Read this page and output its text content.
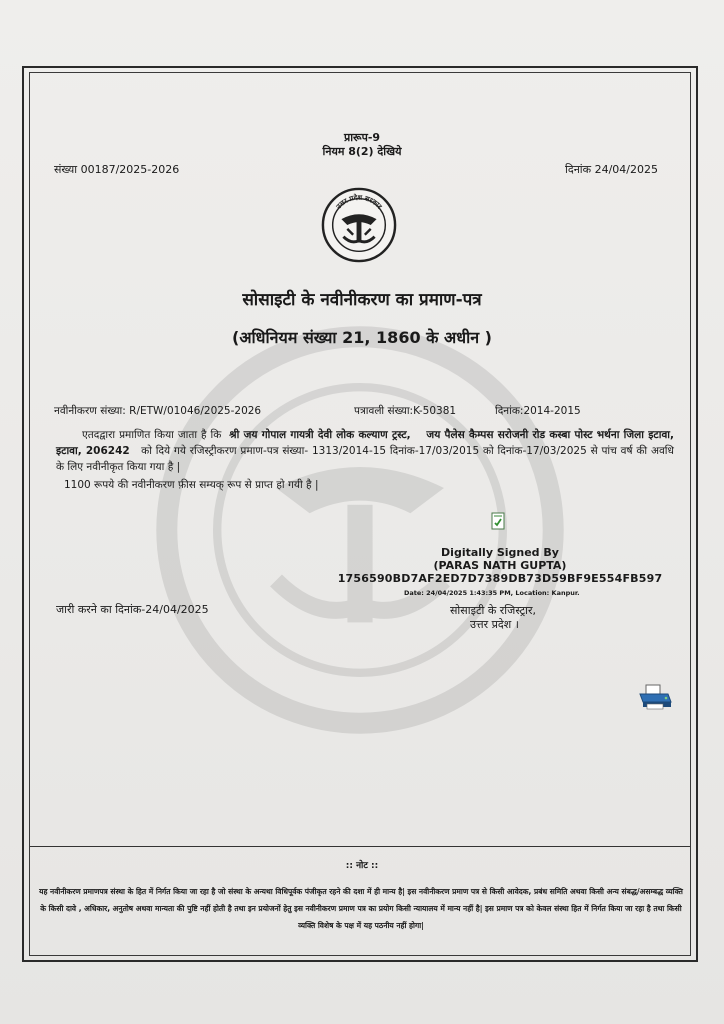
प्रारूप-9
नियम 8(2) देखिये
संख्या 00187/2025-2026	दिनांक 24/04/2025
उत्तर प्रदेश सरकार
सोसाइटी के नवीनीकरण का प्रमाण-पत्र
(अधिनियम संख्या 21, 1860 के अधीन )
नवीनीकरण संख्या: R/ETW/01046/2025-2026	पत्रावली संख्या:K-50381	दिनांक:2014-2015
एतदद्वारा प्रमाणित किया जाता है कि श्री जय गोपाल गायत्री देवी लोक कल्याण ट्रस्ट, जय पैलेस कैम्पस सरोजनी रोड कस्बा पोस्ट भर्थना जिला इटावा, इटावा, 206242 को दिये गये रजिस्ट्रीकरण प्रमाण-पत्र संख्या- 1313/2014-15 दिनांक-17/03/2015 को दिनांक-17/03/2025 से पांच वर्ष की अवधि के लिए नवीनीकृत किया गया है |
1100 रूपये की नवीनीकरण फ़ीस सम्यक् रूप से प्राप्त हो गयी है |
Digitally Signed By
(PARAS NATH GUPTA)
1756590BD7AF2ED7D7389DB73D59BF9E554FB597
Date: 24/04/2025 1:43:35 PM, Location: Kanpur.
जारी करने का दिनांक-24/04/2025	सोसाइटी के रजिस्ट्रार,
उत्तर प्रदेश ।
:: नोट ::
यह नवीनीकरण प्रमाणपत्र संस्था के हित में निर्गत किया जा रहा है जो संस्था के अन्यथा विधिपूर्वक पंजीकृत रहने की दशा में ही मान्य है| इस नवीनीकरण प्रमाण पत्र से किसी आवेदक, प्रबंध समिति अथवा किसी अन्य संबद्ध/असम्बद्ध व्यक्ति के किसी दावे , अधिकार, अनुतोष अथवा मान्यता की पुष्टि नहीं होती है तथा इन प्रयोजनों हेतु इस नवीनीकरण प्रमाण पत्र का प्रयोग किसी न्यायालय में मान्य नहीं है| इस प्रमाण पत्र को केवल संस्था हित में निर्गत किया जा रहा है तथा किसी व्यक्ति विशेष के पक्ष में यह पठनीय नहीं होगा|
